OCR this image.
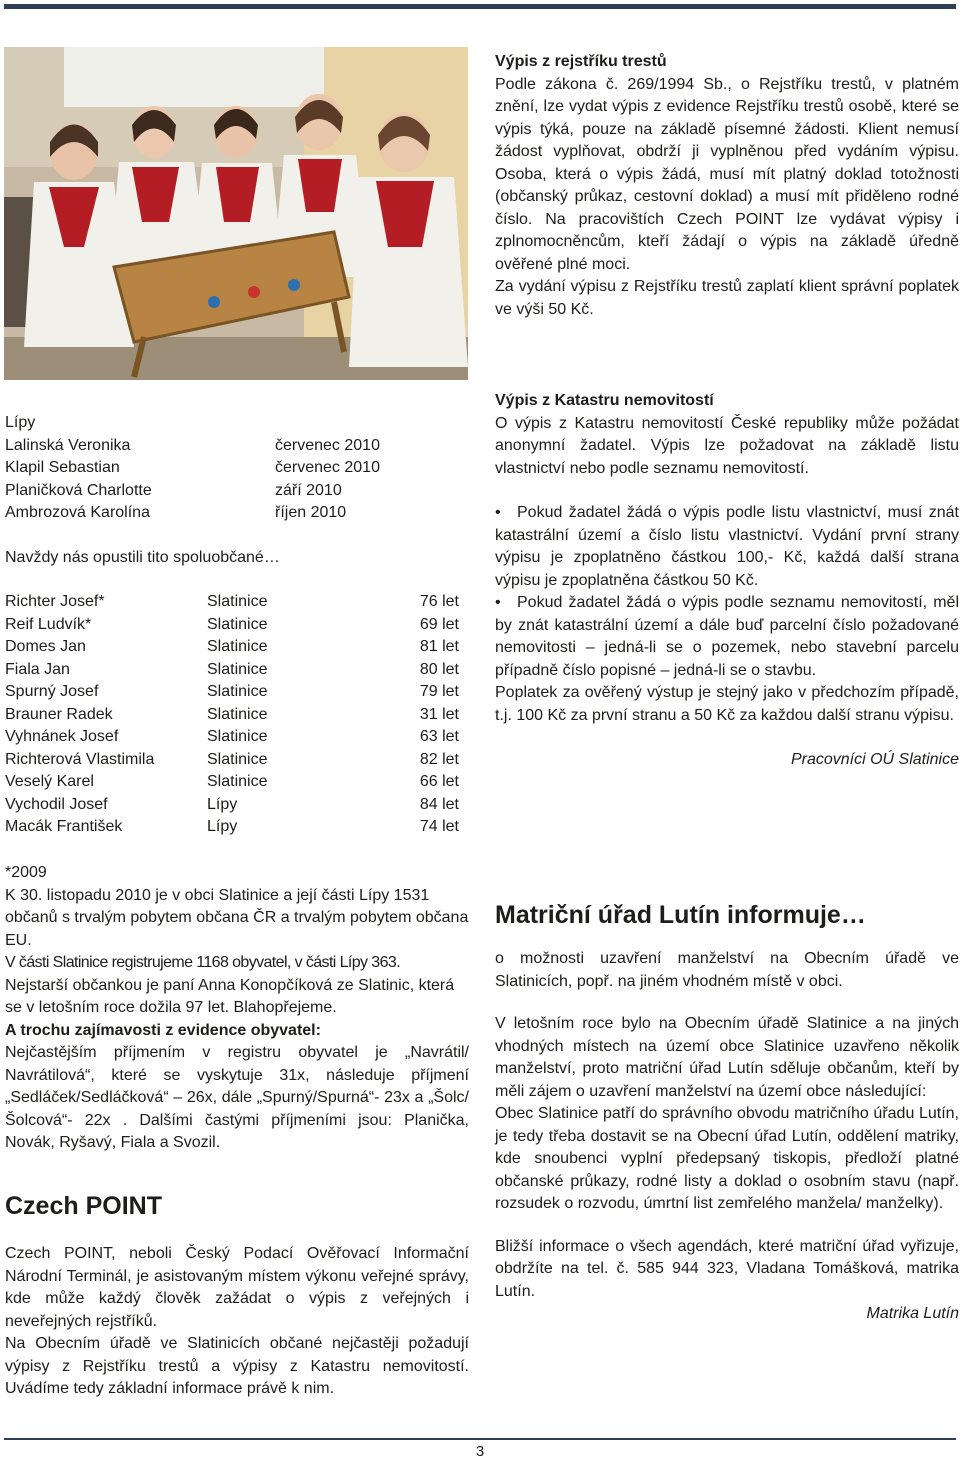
Výpis z rejstříku trestů

Podle zákona č. 269/1994 Sb., o Rejstříku trestů, v platném znění, lze vydat výpis z evidence Rejstříku trestů osobě, které se výpis týká, pouze na základě písemné žádosti. Klient nemusí žádost vyplňovat, obdrží ji vyplněnou před vydáním výpisu. Osoba, která o výpis žádá, musí mít platný doklad totožnosti (občanský průkaz, cestovní doklad) a musí mít přiděleno rodné číslo. Na pracovištích Czech POINT lze vydávat výpisy i zplnomocněncům, kteří žádají o výpis na základě úředně ověřené plné moci.

Za vydání výpisu z Rejstříku trestů zaplatí klient správní poplatek ve výši 50 Kč.

Výpis z Katastru nemovitostí

O výpis z Katastru nemovitostí České republiky může požádat anonymní žadatel. Výpis lze požadovat na základě listu vlastnictví nebo podle seznamu nemovitostí.

•	Pokud žadatel žádá o výpis podle listu vlastnictví, musí znát katastrální území a číslo listu vlastnictví. Vydání první strany výpisu je zpoplatněno částkou 100,- Kč, každá další strana výpisu je zpoplatněna částkou 50 Kč.

•	Pokud žadatel žádá o výpis podle seznamu nemovitostí, měl by znát katastrální území a dále buď parcelní číslo požadované nemovitosti – jedná-li se o pozemek, nebo stavební parcelu případně číslo popisné – jedná-li se o stavbu.

Poplatek za ověřený výstup je stejný jako v předchozím případě, t.j. 100 Kč za první stranu a 50 Kč za každou další stranu výpisu.

Pracovníci OÚ Slatinice

Matriční úřad Lutín informuje…

o možnosti uzavření manželství na Obecním úřadě ve Slatinicích, popř. na jiném vhodném místě v obci.

V letošním roce bylo na Obecním úřadě Slatinice a na jiných vhodných místech na území obce Slatinice uzavřeno několik manželství, proto matriční úřad Lutín sděluje občanům, kteří by měli zájem o uzavření manželství na území obce následující:

Obec Slatinice patří do správního obvodu matričního úřadu Lutín, je tedy třeba dostavit se na Obecní úřad Lutín, oddělení matriky, kde snoubenci vyplní předepsaný tiskopis, předloží platné občanské průkazy, rodné listy a doklad o osobním stavu (např. rozsudek o rozvodu, úmrtní list zemřelého manžela/ manželky).

Bližší informace o všech agendách, které matriční úřad vyřizuje, obdržíte na tel. č. 585 944 323, Vladana Tomášková, matrika Lutín.

Matrika Lutín

Lípy

Lalinská Veronika	červenec 2010
Klapil Sebastian	červenec 2010
Planičková Charlotte	září 2010
Ambrozová Karolína	říjen 2010

Navždy nás opustili tito spoluobčané…

Richter Josef*	Slatinice	76 let
Reif Ludvík*	Slatinice	69 let
Domes Jan	Slatinice	81 let
Fiala Jan	Slatinice	80 let
Spurný Josef	Slatinice	79 let
Brauner Radek	Slatinice	31 let
Vyhnánek Josef	Slatinice	63 let
Richterová Vlastimila	Slatinice	82 let
Veselý Karel	Slatinice	66 let
Vychodil Josef	Lípy	84 let
Macák František	Lípy	74 let

*2009

K 30. listopadu 2010 je v obci Slatinice a její části Lípy 1531 občanů s trvalým pobytem občana ČR a trvalým pobytem občana EU.

V části Slatinice registrujeme 1168 obyvatel, v části Lípy 363.

Nejstarší občankou je paní Anna Konopčíková ze Slatinic, která se v letošním roce dožila 97 let. Blahopřejeme.

A trochu zajímavosti z evidence obyvatel:

Nejčastějším příjmením v registru obyvatel je „Navrátil/ Navrátilová“, které se vyskytuje 31x, následuje příjmení „Sedláček/Sedláčková“ – 26x, dále „Spurný/Spurná“- 23x a „Šolc/Šolcová“- 22x . Dalšími častými příjmeními jsou: Planička, Novák, Ryšavý, Fiala a Svozil.

Czech POINT

Czech POINT, neboli Český Podací Ověřovací Informační Národní Terminál, je asistovaným místem výkonu veřejné správy, kde může každý člověk zažádat o výpis z veřejných i neveřejných rejstříků.

Na Obecním úřadě ve Slatinicích občané nejčastěji požadují výpisy z Rejstříku trestů a výpisy z Katastru nemovitostí. Uvádíme tedy základní informace právě k nim.

3
